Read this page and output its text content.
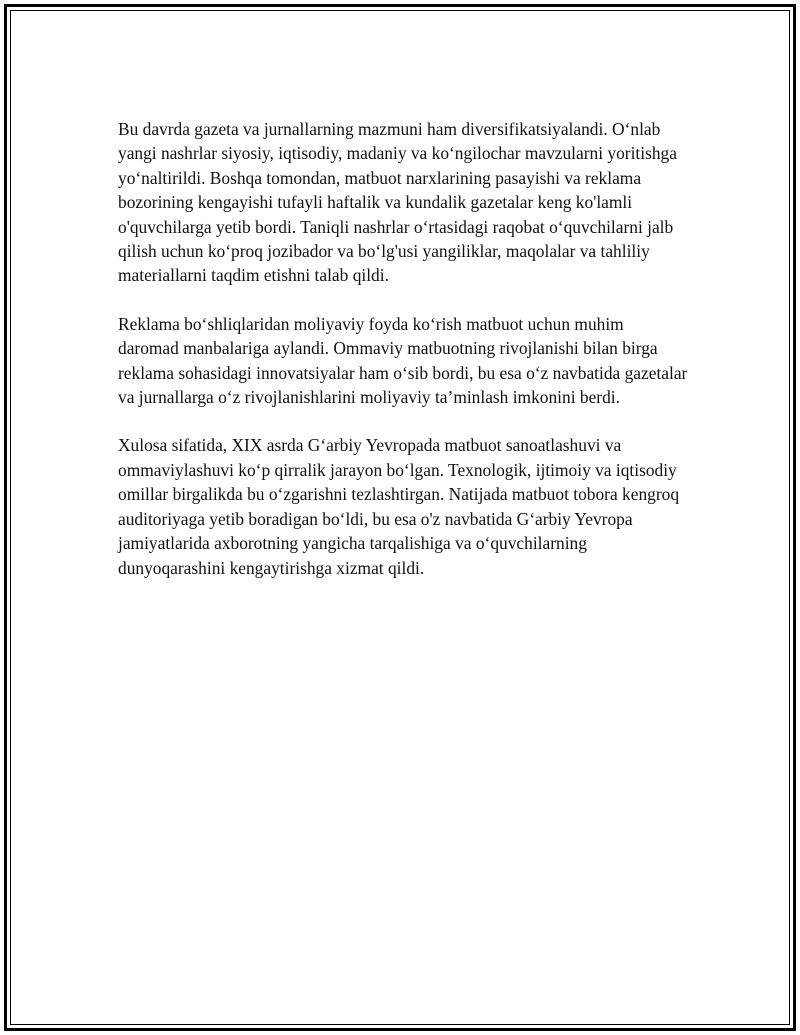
Bu davrda gazeta va jurnallarning mazmuni ham diversifikatsiyalandi. O‘nlab yangi nashrlar siyosiy, iqtisodiy, madaniy va ko‘ngilochar mavzularni yoritishga yo‘naltirildi. Boshqa tomondan, matbuot narxlarining pasayishi va reklama bozorining kengayishi tufayli haftalik va kundalik gazetalar keng ko'lamli o'quvchilarga yetib bordi. Taniqli nashrlar o‘rtasidagi raqobat o‘quvchilarni jalb qilish uchun ko‘proq jozibador va bo‘lg'usi yangiliklar, maqolalar va tahliliy materiallarni taqdim etishni talab qildi.

Reklama bo‘shliqlaridan moliyaviy foyda ko‘rish matbuot uchun muhim daromad manbalariga aylandi. Ommaviy matbuotning rivojlanishi bilan birga reklama sohasidagi innovatsiyalar ham o‘sib bordi, bu esa o‘z navbatida gazetalar va jurnallarga o‘z rivojlanishlarini moliyaviy ta’minlash imkonini berdi.

Xulosa sifatida, XIX asrda G‘arbiy Yevropada matbuot sanoatlashuvi va ommaviylashuvi ko‘p qirralik jarayon bo‘lgan. Texnologik, ijtimoiy va iqtisodiy omillar birgalikda bu o‘zgarishni tezlashtirgan. Natijada matbuot tobora kengroq auditoriyaga yetib boradigan bo‘ldi, bu esa o'z navbatida G‘arbiy Yevropa jamiyatlarida axborotning yangicha tarqalishiga va o‘quvchilarning dunyoqarashini kengaytirishga xizmat qildi.
